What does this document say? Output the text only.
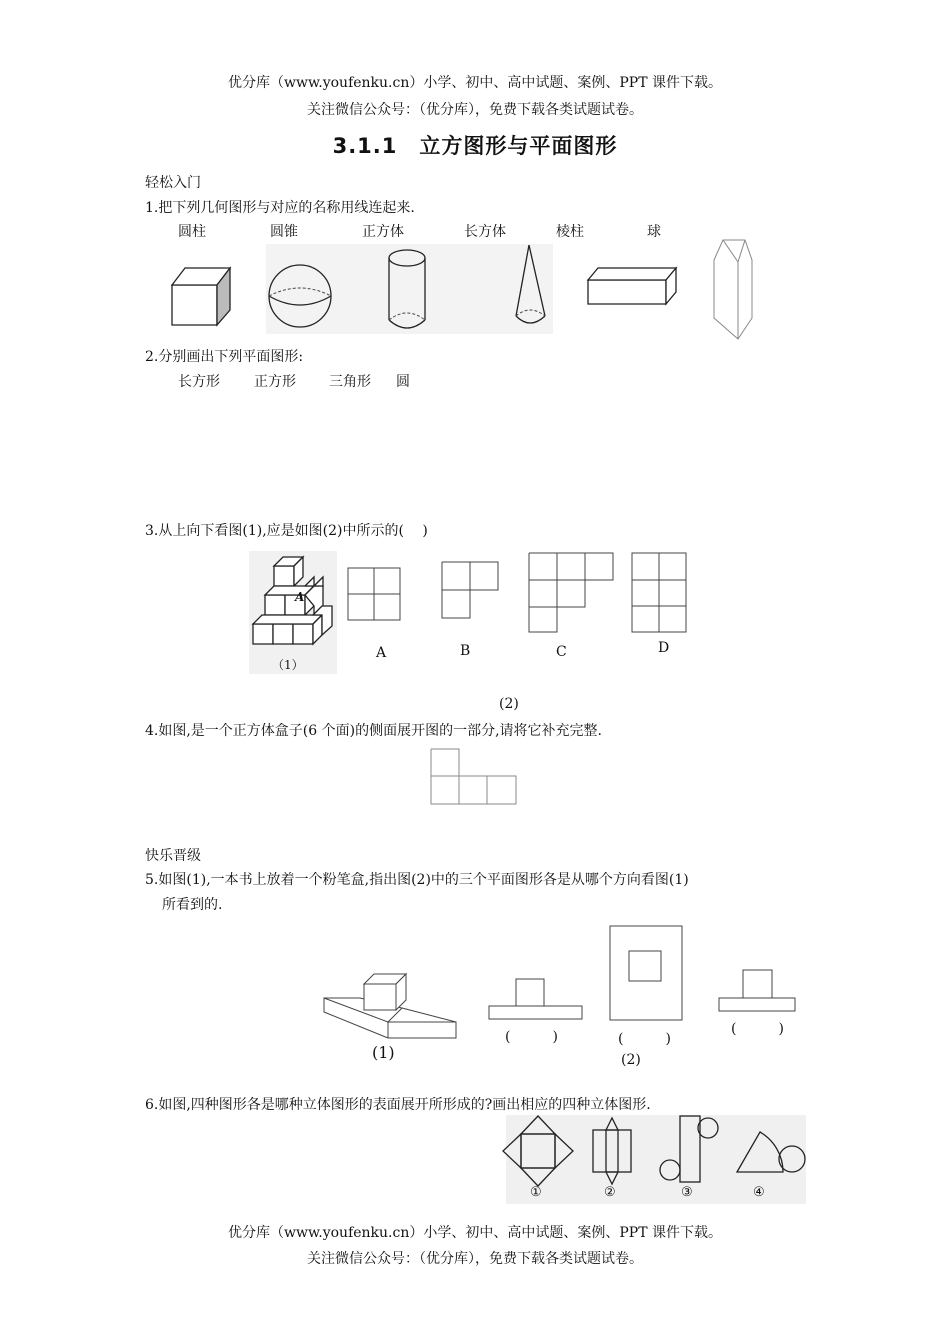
优分库（www.youfenku.cn）小学、初中、高中试题、案例、PPT 课件下载。
关注微信公众号：（优分库），免费下载各类试题试卷。
3.1.1　立方图形与平面图形
轻松入门
1.把下列几何图形与对应的名称用线连起来.
圆柱	圆锥	正方体	长方体	棱柱	球
2.分别画出下列平面图形:
长方形 正方形 三角形 圆
3.从上向下看图(1),应是如图(2)中所示的(　 )
A
（1）
A	B	C	D
(2)
4.如图,是一个正方体盒子(6 个面)的侧面展开图的一部分,请将它补充完整.
快乐晋级
5.如图(1),一本书上放着一个粉笔盒,指出图(2)中的三个平面图形各是从哪个方向看图(1)
所看到的.
(1)
(　　　)	(　　　)
(　　　)
(2)
6.如图,四种图形各是哪种立体图形的表面展开所形成的?画出相应的四种立体图形.
①	②	③	④
优分库（www.youfenku.cn）小学、初中、高中试题、案例、PPT 课件下载。
关注微信公众号：（优分库），免费下载各类试题试卷。
